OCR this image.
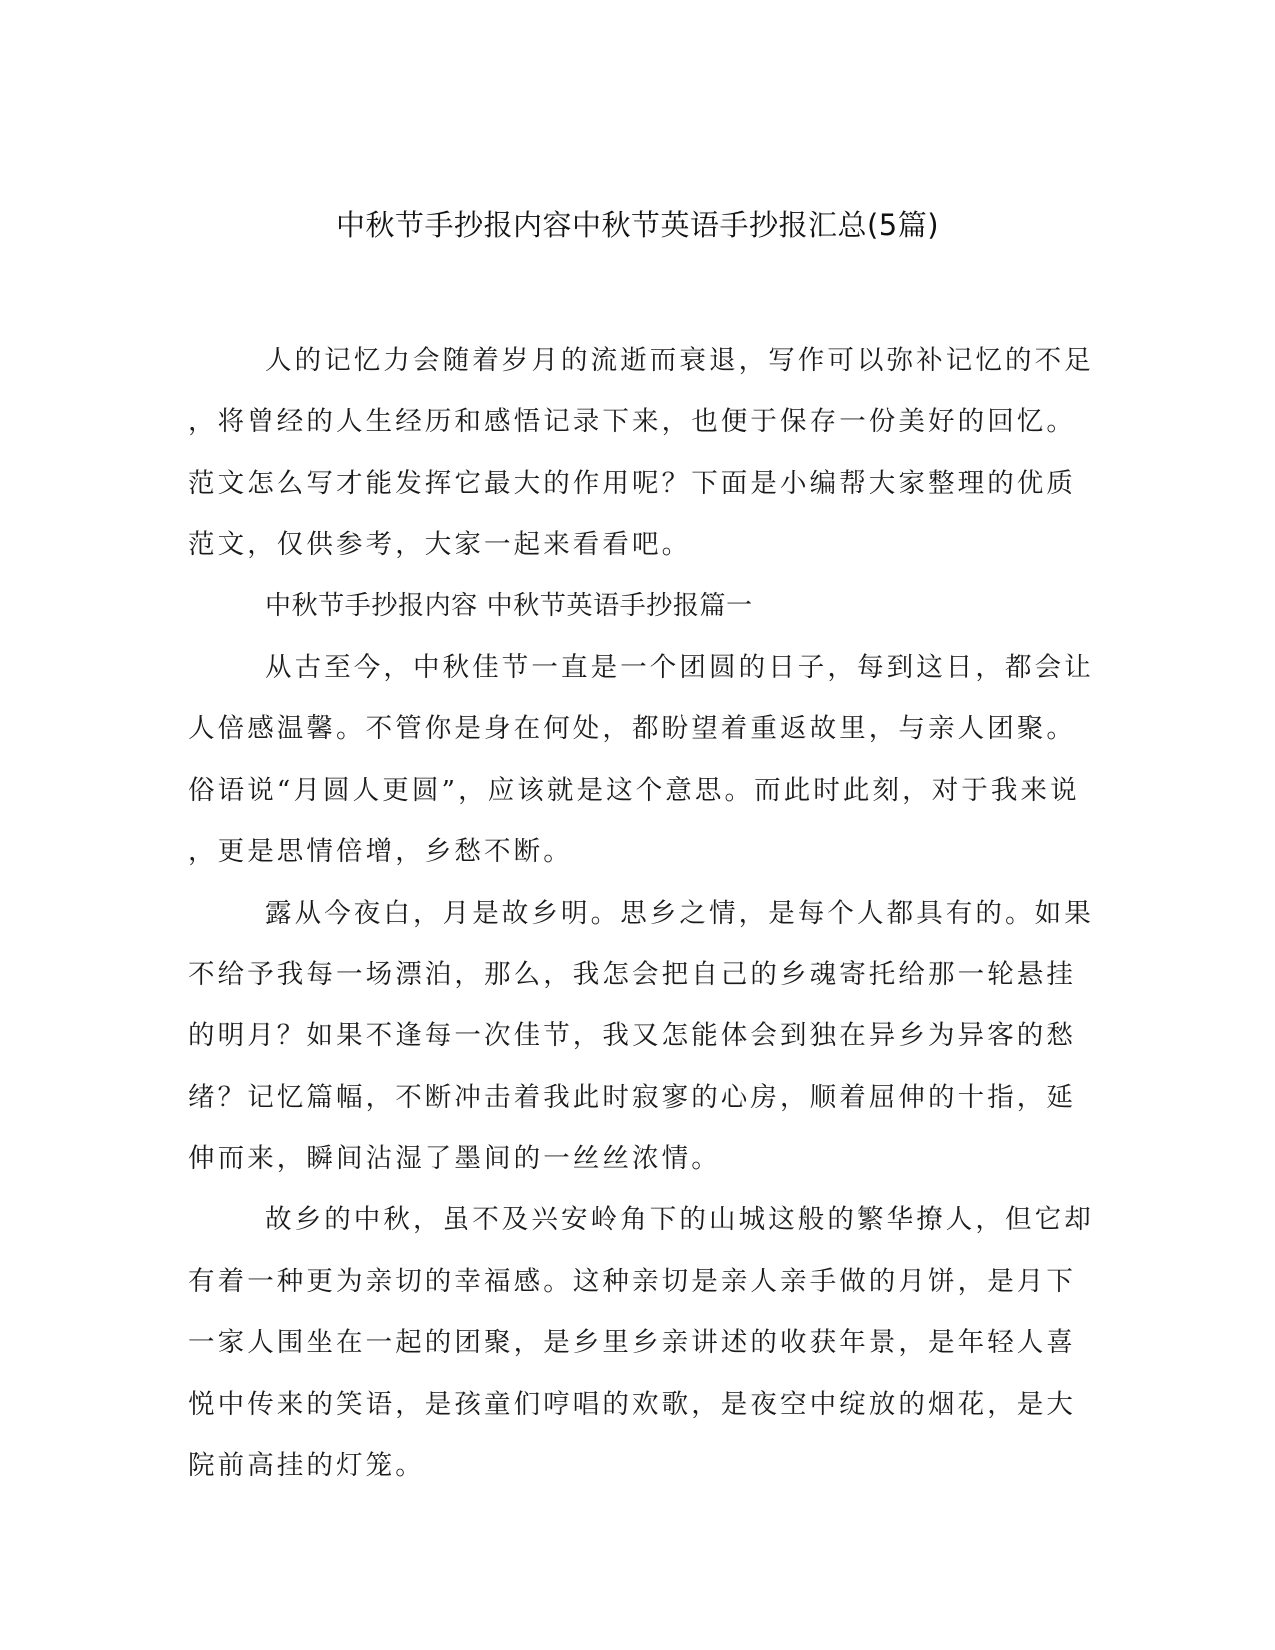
中秋节手抄报内容中秋节英语手抄报汇总(5篇)
人的记忆力会随着岁月的流逝而衰退，写作可以弥补记忆的不足
，将曾经的人生经历和感悟记录下来，也便于保存一份美好的回忆。
范文怎么写才能发挥它最大的作用呢？下面是小编帮大家整理的优质
范文，仅供参考，大家一起来看看吧。
中秋节手抄报内容 中秋节英语手抄报篇一
从古至今，中秋佳节一直是一个团圆的日子，每到这日，都会让
人倍感温馨。不管你是身在何处，都盼望着重返故里，与亲人团聚。
俗语说“月圆人更圆”，应该就是这个意思。而此时此刻，对于我来说
，更是思情倍增，乡愁不断。
露从今夜白，月是故乡明。思乡之情，是每个人都具有的。如果
不给予我每一场漂泊，那么，我怎会把自己的乡魂寄托给那一轮悬挂
的明月？如果不逢每一次佳节，我又怎能体会到独在异乡为异客的愁
绪？记忆篇幅，不断冲击着我此时寂寥的心房，顺着屈伸的十指，延
伸而来，瞬间沾湿了墨间的一丝丝浓情。
故乡的中秋，虽不及兴安岭角下的山城这般的繁华撩人，但它却
有着一种更为亲切的幸福感。这种亲切是亲人亲手做的月饼，是月下
一家人围坐在一起的团聚，是乡里乡亲讲述的收获年景，是年轻人喜
悦中传来的笑语，是孩童们哼唱的欢歌，是夜空中绽放的烟花，是大
院前高挂的灯笼。
